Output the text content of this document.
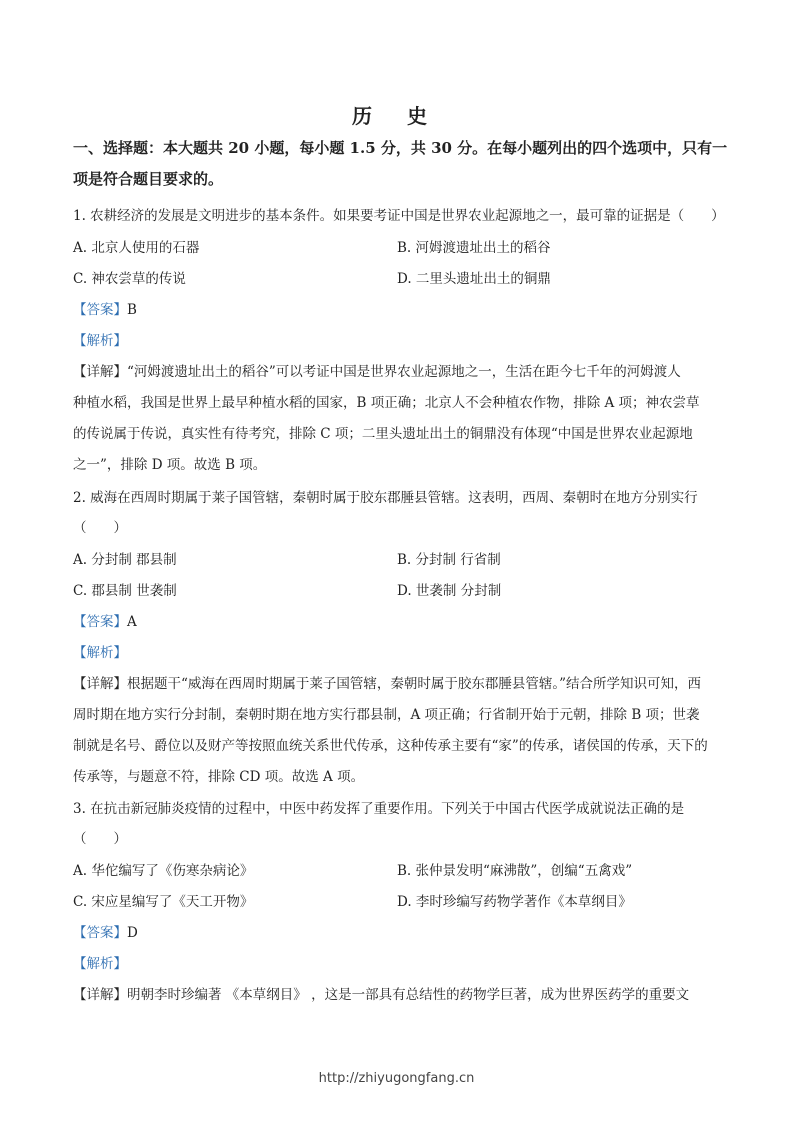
历 史
一、选择题：本大题共 20 小题，每小题 1.5 分，共 30 分。在每小题列出的四个选项中，只有一项是符合题目要求的。
1. 农耕经济的发展是文明进步的基本条件。如果要考证中国是世界农业起源地之一，最可靠的证据是（　　）
A. 北京人使用的石器	B. 河姆渡遗址出土的稻谷
C. 神农尝草的传说	D. 二里头遗址出土的铜鼎
【答案】B
【解析】
【详解】“河姆渡遗址出土的稻谷”可以考证中国是世界农业起源地之一，生活在距今七千年的河姆渡人
种植水稻，我国是世界上最早种植水稻的国家，B 项正确；北京人不会种植农作物，排除 A 项；神农尝草
的传说属于传说，真实性有待考究，排除 C 项；二里头遗址出土的铜鼎没有体现“中国是世界农业起源地
之一”，排除 D 项。故选 B 项。
2. 威海在西周时期属于莱子国管辖，秦朝时属于胶东郡腄县管辖。这表明，西周、秦朝时在地方分别实行
（　　）
A. 分封制 郡县制	B. 分封制 行省制
C. 郡县制 世袭制	D. 世袭制 分封制
【答案】A
【解析】
【详解】根据题干“威海在西周时期属于莱子国管辖，秦朝时属于胶东郡腄县管辖。”结合所学知识可知，西
周时期在地方实行分封制，秦朝时期在地方实行郡县制，A 项正确；行省制开始于元朝，排除 B 项；世袭
制就是名号、爵位以及财产等按照血统关系世代传承，这种传承主要有“家”的传承，诸侯国的传承，天下的
传承等，与题意不符，排除 CD 项。故选 A 项。
3. 在抗击新冠肺炎疫情的过程中，中医中药发挥了重要作用。下列关于中国古代医学成就说法正确的是
（　　）
A. 华佗编写了《伤寒杂病论》	B. 张仲景发明“麻沸散”，创编“五禽戏”
C. 宋应星编写了《天工开物》	D. 李时珍编写药物学著作《本草纲目》
【答案】D
【解析】
【详解】明朝李时珍编著 《本草纲目》 ，这是一部具有总结性的药物学巨著，成为世界医药学的重要文
http://zhiyugongfang.cn
